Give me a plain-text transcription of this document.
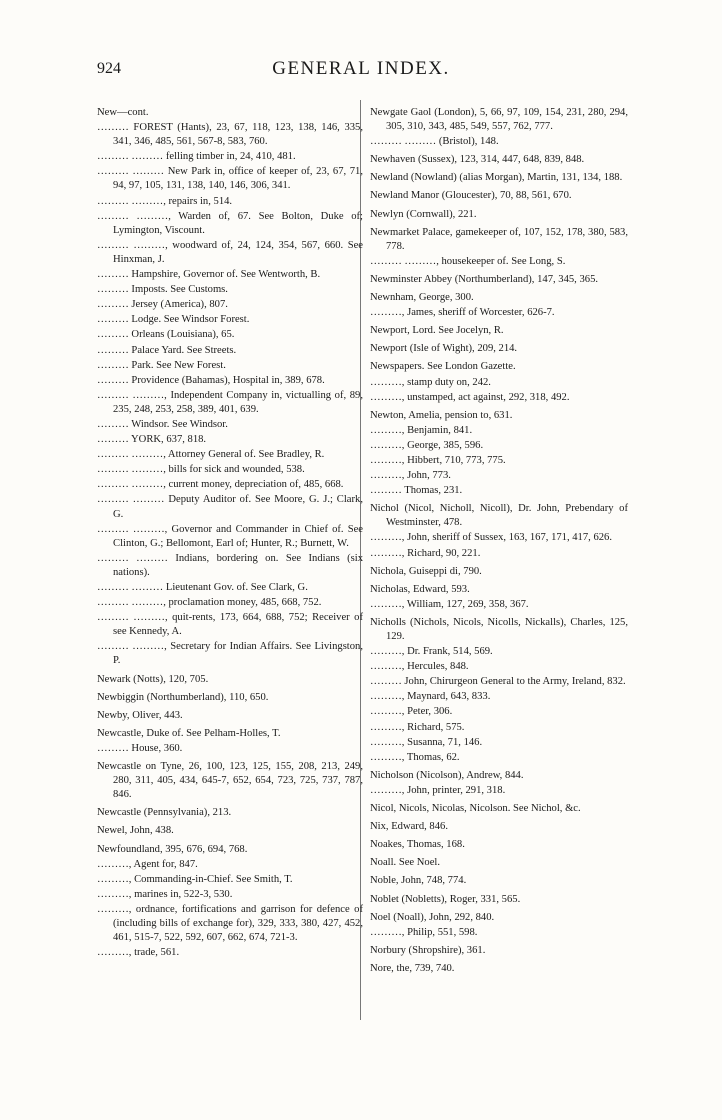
924	GENERAL INDEX.

New—cont.

……… FOREST (Hants), 23, 67, 118, 123, 138, 146, 335, 341, 346, 485, 561, 567-8, 583, 760.

……… ……… felling timber in, 24, 410, 481.

……… ……… New Park in, office of keeper of, 23, 67, 71, 94, 97, 105, 131, 138, 140, 146, 306, 341.

……… ………, repairs in, 514.

……… ………, Warden of, 67. See Bolton, Duke of; Lymington, Viscount.

……… ………, woodward of, 24, 124, 354, 567, 660. See Hinxman, J.

……… Hampshire, Governor of. See Wentworth, B.

……… Imposts. See Customs.

……… Jersey (America), 807.

……… Lodge. See Windsor Forest.

……… Orleans (Louisiana), 65.

……… Palace Yard. See Streets.

……… Park. See New Forest.

……… Providence (Bahamas), Hospital in, 389, 678.

……… ………, Independent Company in, victualling of, 89, 235, 248, 253, 258, 389, 401, 639.

……… Windsor. See Windsor.

……… YORK, 637, 818.

……… ………, Attorney General of. See Bradley, R.

……… ………, bills for sick and wounded, 538.

……… ………, current money, depreciation of, 485, 668.

……… ……… Deputy Auditor of. See Moore, G. J.; Clark, G.

……… ………, Governor and Commander in Chief of. See Clinton, G.; Bellomont, Earl of; Hunter, R.; Burnett, W.

……… ……… Indians, bordering on. See Indians (six nations).

……… ……… Lieutenant Gov. of. See Clark, G.

……… ………, proclamation money, 485, 668, 752.

……… ………, quit-rents, 173, 664, 688, 752; Receiver of see Kennedy, A.

……… ………, Secretary for Indian Affairs. See Livingston, P.

Newark (Notts), 120, 705.

Newbiggin (Northumberland), 110, 650.

Newby, Oliver, 443.

Newcastle, Duke of. See Pelham-Holles, T.

……… House, 360.

Newcastle on Tyne, 26, 100, 123, 125, 155, 208, 213, 249, 280, 311, 405, 434, 645-7, 652, 654, 723, 725, 737, 787, 846.

Newcastle (Pennsylvania), 213.

Newel, John, 438.

Newfoundland, 395, 676, 694, 768.

………, Agent for, 847.

………, Commanding-in-Chief. See Smith, T.

………, marines in, 522-3, 530.

………, ordnance, fortifications and garrison for defence of (including bills of exchange for), 329, 333, 380, 427, 452, 461, 515-7, 522, 592, 607, 662, 674, 721-3.

………, trade, 561.

Newgate Gaol (London), 5, 66, 97, 109, 154, 231, 280, 294, 305, 310, 343, 485, 549, 557, 762, 777.

……… ……… (Bristol), 148.

Newhaven (Sussex), 123, 314, 447, 648, 839, 848.

Newland (Nowland) (alias Morgan), Martin, 131, 134, 188.

Newland Manor (Gloucester), 70, 88, 561, 670.

Newlyn (Cornwall), 221.

Newmarket Palace, gamekeeper of, 107, 152, 178, 380, 583, 778.

……… ………, housekeeper of. See Long, S.

Newminster Abbey (Northumberland), 147, 345, 365.

Newnham, George, 300.

………, James, sheriff of Worcester, 626-7.

Newport, Lord. See Jocelyn, R.

Newport (Isle of Wight), 209, 214.

Newspapers. See London Gazette.

………, stamp duty on, 242.

………, unstamped, act against, 292, 318, 492.

Newton, Amelia, pension to, 631.

………, Benjamin, 841.

………, George, 385, 596.

………, Hibbert, 710, 773, 775.

………, John, 773.

……… Thomas, 231.

Nichol (Nicol, Nicholl, Nicoll), Dr. John, Prebendary of Westminster, 478.

………, John, sheriff of Sussex, 163, 167, 171, 417, 626.

………, Richard, 90, 221.

Nichola, Guiseppi di, 790.

Nicholas, Edward, 593.

………, William, 127, 269, 358, 367.

Nicholls (Nichols, Nicols, Nicolls, Nickalls), Charles, 125, 129.

………, Dr. Frank, 514, 569.

………, Hercules, 848.

……… John, Chirurgeon General to the Army, Ireland, 832.

………, Maynard, 643, 833.

………, Peter, 306.

………, Richard, 575.

………, Susanna, 71, 146.

………, Thomas, 62.

Nicholson (Nicolson), Andrew, 844.

………, John, printer, 291, 318.

Nicol, Nicols, Nicolas, Nicolson. See Nichol, &c.

Nix, Edward, 846.

Noakes, Thomas, 168.

Noall. See Noel.

Noble, John, 748, 774.

Noblet (Nobletts), Roger, 331, 565.

Noel (Noall), John, 292, 840.

………, Philip, 551, 598.

Norbury (Shropshire), 361.

Nore, the, 739, 740.
